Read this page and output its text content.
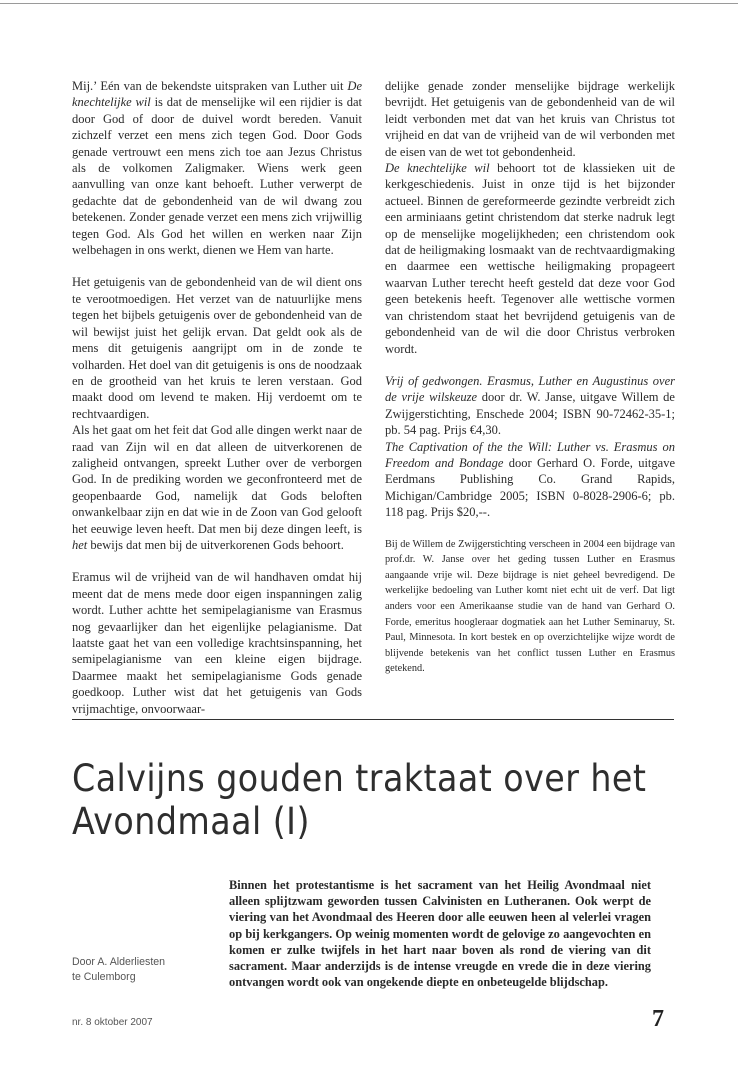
Mij.’ Eén van de bekendste uitspraken van Luther uit De knechtelijke wil is dat de menselijke wil een rijdier is dat door God of door de duivel wordt bereden. Vanuit zichzelf verzet een mens zich tegen God. Door Gods genade vertrouwt een mens zich toe aan Jezus Christus als de volkomen Zaligmaker. Wiens werk geen aanvulling van onze kant behoeft. Luther verwerpt de gedachte dat de gebondenheid van de wil dwang zou betekenen. Zonder genade verzet een mens zich vrijwillig tegen God. Als God het willen en werken naar Zijn welbehagen in ons werkt, dienen we Hem van harte.

Het getuigenis van de gebondenheid van de wil dient ons te verootmoedigen. Het verzet van de natuurlijke mens tegen het bijbels getuigenis over de gebondenheid van de wil bewijst juist het gelijk ervan. Dat geldt ook als de mens dit getuigenis aangrijpt om in de zonde te volharden. Het doel van dit getuigenis is ons de noodzaak en de grootheid van het kruis te leren verstaan. God maakt dood om levend te maken. Hij verdoemt om te rechtvaardigen.

Als het gaat om het feit dat God alle dingen werkt naar de raad van Zijn wil en dat alleen de uitverkorenen de zaligheid ontvangen, spreekt Luther over de verborgen God. In de prediking worden we geconfronteerd met de geopenbaarde God, namelijk dat Gods beloften onwankelbaar zijn en dat wie in de Zoon van God gelooft het eeuwige leven heeft. Dat men bij deze dingen leeft, is het bewijs dat men bij de uitverkorenen Gods behoort.

Eramus wil de vrijheid van de wil handhaven omdat hij meent dat de mens mede door eigen inspanningen zalig wordt. Luther achtte het semipelagianisme van Erasmus nog gevaarlijker dan het eigenlijke pelagianisme. Dat laatste gaat het van een volledige krachtsinspanning, het semipelagianisme van een kleine eigen bijdrage. Daarmee maakt het semipelagianisme Gods genade goedkoop. Luther wist dat het getuigenis van Gods vrijmachtige, onvoorwaar-

delijke genade zonder menselijke bijdrage werkelijk bevrijdt. Het getuigenis van de gebondenheid van de wil leidt verbonden met dat van het kruis van Christus tot vrijheid en dat van de vrijheid van de wil verbonden met de eisen van de wet tot gebondenheid.

De knechtelijke wil behoort tot de klassieken uit de kerkgeschiedenis. Juist in onze tijd is het bijzonder actueel. Binnen de gereformeerde gezindte verbreidt zich een arminiaans getint christendom dat sterke nadruk legt op de menselijke mogelijkheden; een christendom ook dat de heiligmaking losmaakt van de rechtvaardigmaking en daarmee een wettische heiligmaking propageert waarvan Luther terecht heeft gesteld dat deze voor God geen betekenis heeft. Tegenover alle wettische vormen van christendom staat het bevrijdend getuigenis van de gebondenheid van de wil die door Christus verbroken wordt.

Vrij of gedwongen. Erasmus, Luther en Augustinus over de vrije wilskeuze door dr. W. Janse, uitgave Willem de Zwijgerstichting, Enschede 2004; ISBN 90-72462-35-1; pb. 54 pag. Prijs €4,30.

The Captivation of the the Will: Luther vs. Erasmus on Freedom and Bondage door Gerhard O. Forde, uitgave Eerdmans Publishing Co. Grand Rapids, Michigan/Cambridge 2005; ISBN 0-8028-2906-6; pb. 118 pag. Prijs $20,--.

Bij de Willem de Zwijgerstichting verscheen in 2004 een bijdrage van prof.dr. W. Janse over het geding tussen Luther en Erasmus aangaande vrije wil. Deze bijdrage is niet geheel bevredigend. De werkelijke bedoeling van Luther komt niet echt uit de verf. Dat ligt anders voor een Amerikaanse studie van de hand van Gerhard O. Forde, emeritus hoogleraar dogmatiek aan het Luther Seminaruy, St. Paul, Minnesota. In kort bestek en op overzichtelijke wijze wordt de blijvende betekenis van het conflict tussen Luther en Erasmus getekend.

Calvijns gouden traktaat over het
Avondmaal (I)

Binnen het protestantisme is het sacrament van het Heilig Avondmaal niet alleen splijtzwam geworden tussen Calvinisten en Lutheranen. Ook werpt de viering van het Avondmaal des Heeren door alle eeuwen heen al velerlei vragen op bij kerkgangers. Op weinig momenten wordt de gelovige zo aangevochten en komen er zulke twijfels in het hart naar boven als rond de viering van dit sacrament. Maar anderzijds is de intense vreugde en vrede die in deze viering ontvangen wordt ook van ongekende diepte en onbeteugelde blijdschap.

Door A. Alderliesten
te Culemborg
nr. 8 oktober 2007	7
